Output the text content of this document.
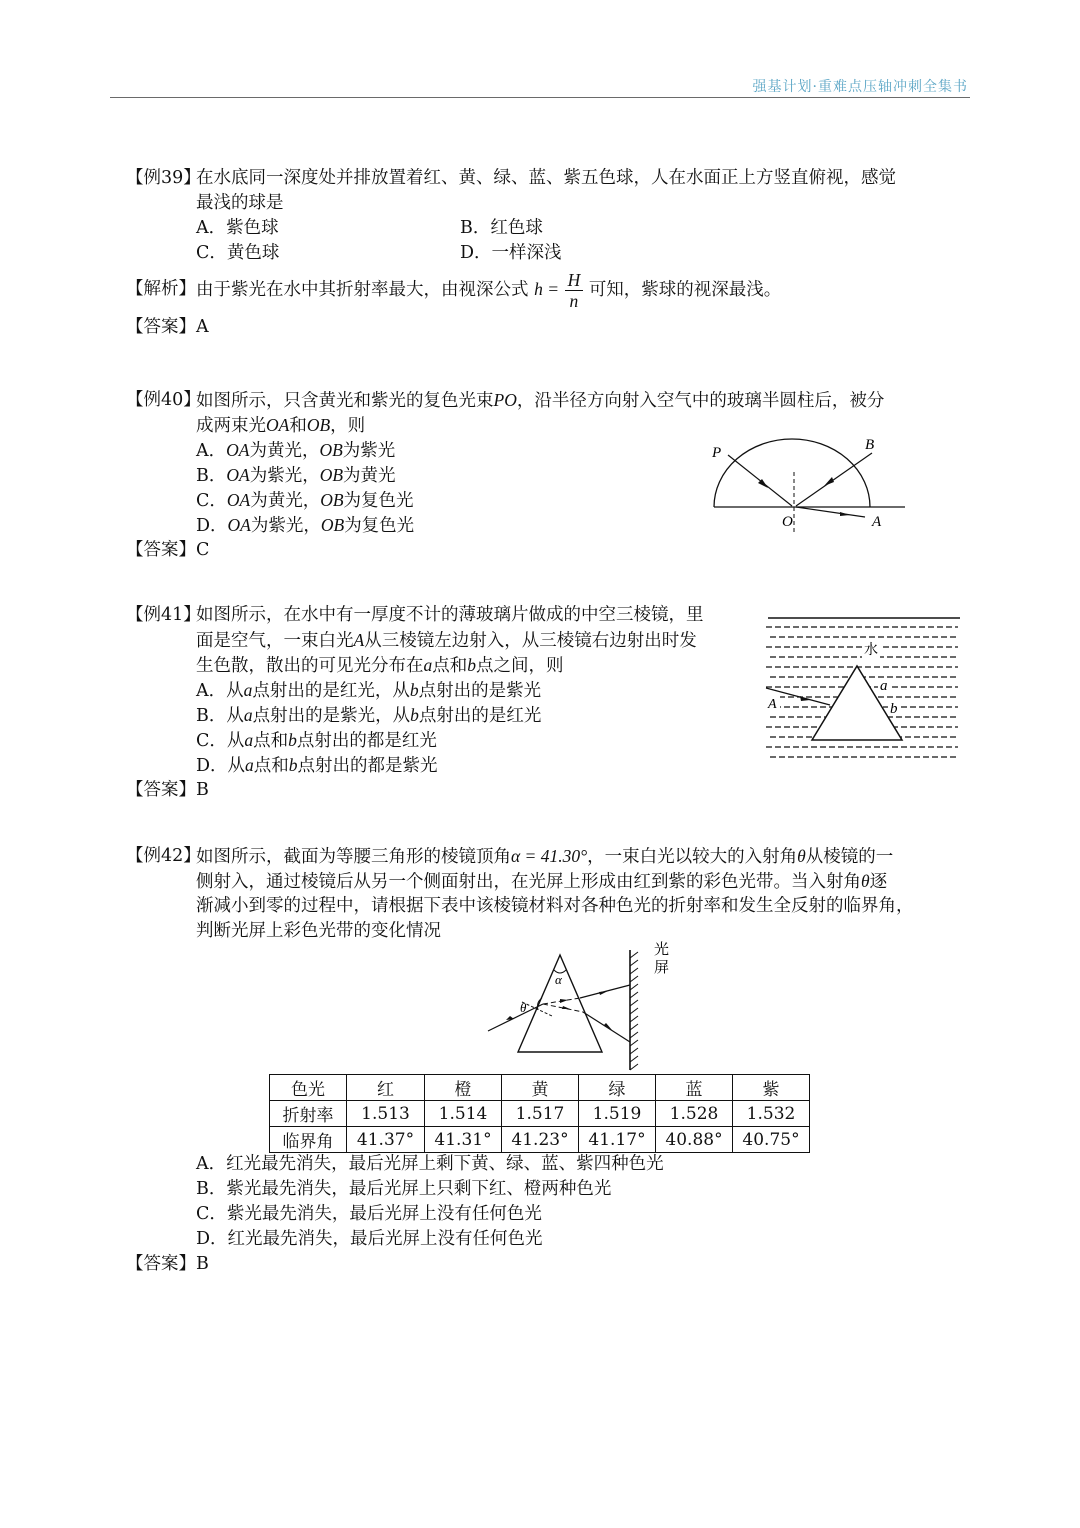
强基计划·重难点压轴冲刺全集书
【例39】
在水底同一深度处并排放置着红、黄、绿、蓝、紫五色球，人在水面正上方竖直俯视，感觉
最浅的球是
A．紫色球	B．红色球
C．黄色球	D．一样深浅
【解析】 由于紫光在水中其折射率最大，由视深公式 $h = \frac{H}{n}$ 可知，紫球的视深最浅。
【答案】 A
【例40】
如图所示，只含黄光和紫光的复色光束PO，沿半径方向射入空气中的玻璃半圆柱后，被分
成两束光OA和OB，则
A．OA为黄光，OB为紫光
B．OA为紫光，OB为黄光
C．OA为黄光，OB为复色光
D．OA为紫光，OB为复色光
【答案】 C
P	B
O	A
【例41】
如图所示，在水中有一厚度不计的薄玻璃片做成的中空三棱镜，里
面是空气，一束白光A从三棱镜左边射入，从三棱镜右边射出时发
生色散，散出的可见光分布在a点和b点之间，则
A．从a点射出的是红光，从b点射出的是紫光
B．从a点射出的是紫光，从b点射出的是红光
C．从a点和b点射出的都是红光
D．从a点和b点射出的都是紫光
【答案】 B
水
a
b
A
【例42】
如图所示，截面为等腰三角形的棱镜顶角α = 41.30°，一束白光以较大的入射角θ从棱镜的一
侧射入，通过棱镜后从另一个侧面射出，在光屏上形成由红到紫的彩色光带。当入射角θ逐
渐减小到零的过程中，请根据下表中该棱镜材料对各种色光的折射率和发生全反射的临界角，
判断光屏上彩色光带的变化情况
A．红光最先消失，最后光屏上剩下黄、绿、蓝、紫四种色光
B．紫光最先消失，最后光屏上只剩下红、橙两种色光
C．紫光最先消失，最后光屏上没有任何色光
D．红光最先消失，最后光屏上没有任何色光
【答案】 B
α
θ
光
屏
色光	红	橙	黄	绿	蓝	紫
折射率	1.513	1.514	1.517	1.519	1.528	1.532
临界角	41.37°	41.31°	41.23°	41.17°	40.88°	40.75°
